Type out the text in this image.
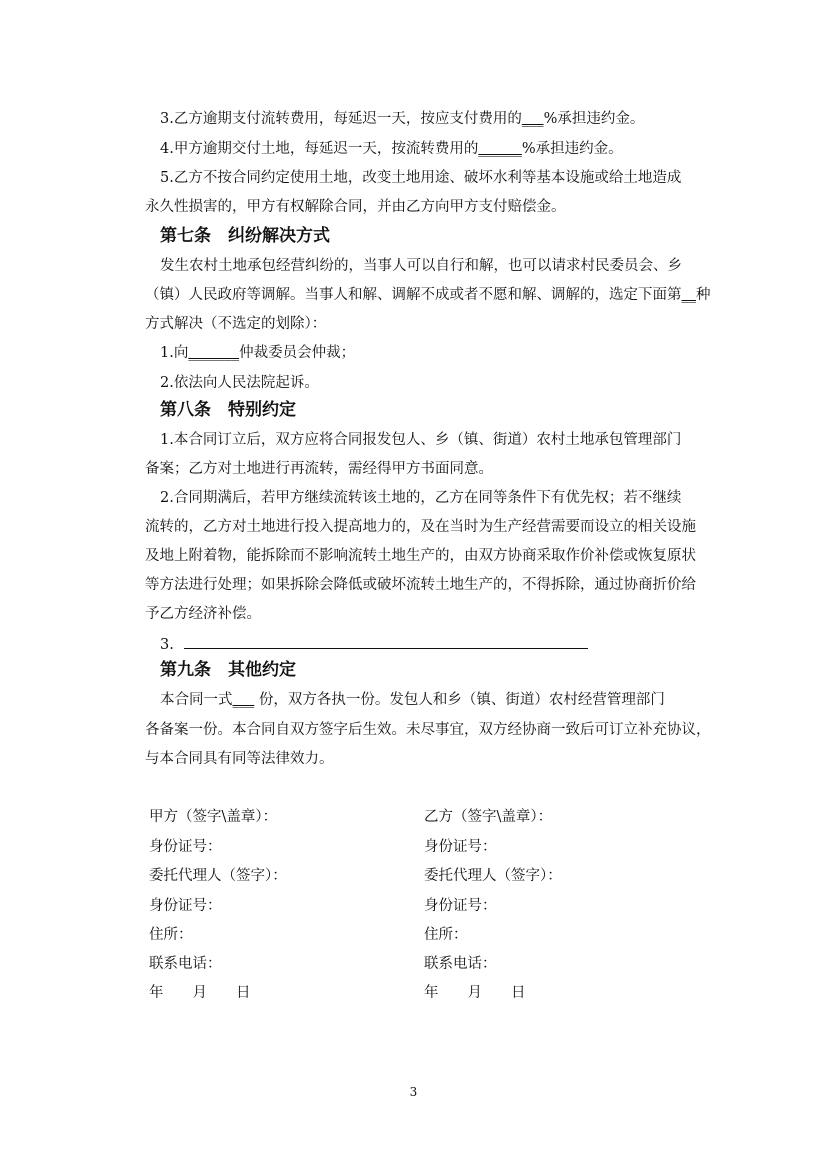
3.乙方逾期支付流转费用，每延迟一天，按应支付费用的___%承担违约金。
4.甲方逾期交付土地，每延迟一天，按流转费用的______%承担违约金。
5.乙方不按合同约定使用土地，改变土地用途、破坏水利等基本设施或给土地造成
永久性损害的，甲方有权解除合同，并由乙方向甲方支付赔偿金。
第七条　纠纷解决方式
发生农村土地承包经营纠纷的，当事人可以自行和解，也可以请求村民委员会、乡
（镇）人民政府等调解。当事人和解、调解不成或者不愿和解、调解的，选定下面第__种
方式解决（不选定的划除）：
1.向_______仲裁委员会仲裁；
2.依法向人民法院起诉。
第八条　特别约定
1.本合同订立后，双方应将合同报发包人、乡（镇、街道）农村土地承包管理部门
备案；乙方对土地进行再流转，需经得甲方书面同意。
2.合同期满后，若甲方继续流转该土地的，乙方在同等条件下有优先权；若不继续
流转的，乙方对土地进行投入提高地力的，及在当时为生产经营需要而设立的相关设施
及地上附着物，能拆除而不影响流转土地生产的，由双方协商采取作价补偿或恢复原状
等方法进行处理；如果拆除会降低或破坏流转土地生产的，不得拆除，通过协商折价给
予乙方经济补偿。
3.
第九条　其他约定
本合同一式___ 份，双方各执一份。发包人和乡（镇、街道）农村经营管理部门
各备案一份。本合同自双方签字后生效。未尽事宜，双方经协商一致后可订立补充协议，
与本合同具有同等法律效力。
甲方（签字\盖章）：
身份证号：
委托代理人（签字）：
身份证号：
住所：
联系电话：
年　　月　　日
乙方（签字\盖章）：
身份证号：
委托代理人（签字）：
身份证号：
住所：
联系电话：
年　　月　　日
3
